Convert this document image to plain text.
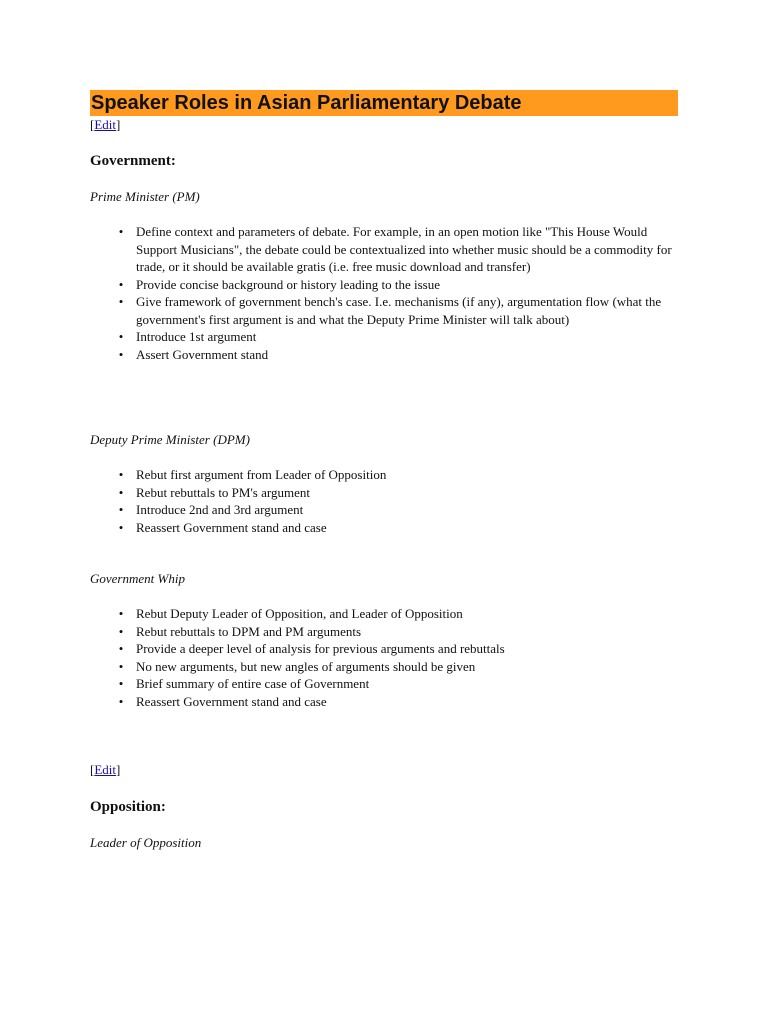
Speaker Roles in Asian Parliamentary Debate
[Edit]
Government:
Prime Minister (PM)
• Define context and parameters of debate. For example, in an open motion like "This House Would Support Musicians", the debate could be contextualized into whether music should be a commodity for trade, or it should be available gratis (i.e. free music download and transfer)
• Provide concise background or history leading to the issue
• Give framework of government bench's case. I.e. mechanisms (if any), argumentation flow (what the government's first argument is and what the Deputy Prime Minister will talk about)
• Introduce 1st argument
• Assert Government stand
Deputy Prime Minister (DPM)
• Rebut first argument from Leader of Opposition
• Rebut rebuttals to PM's argument
• Introduce 2nd and 3rd argument
• Reassert Government stand and case
Government Whip
• Rebut Deputy Leader of Opposition, and Leader of Opposition
• Rebut rebuttals to DPM and PM arguments
• Provide a deeper level of analysis for previous arguments and rebuttals
• No new arguments, but new angles of arguments should be given
• Brief summary of entire case of Government
• Reassert Government stand and case
[Edit]
Opposition:
Leader of Opposition
